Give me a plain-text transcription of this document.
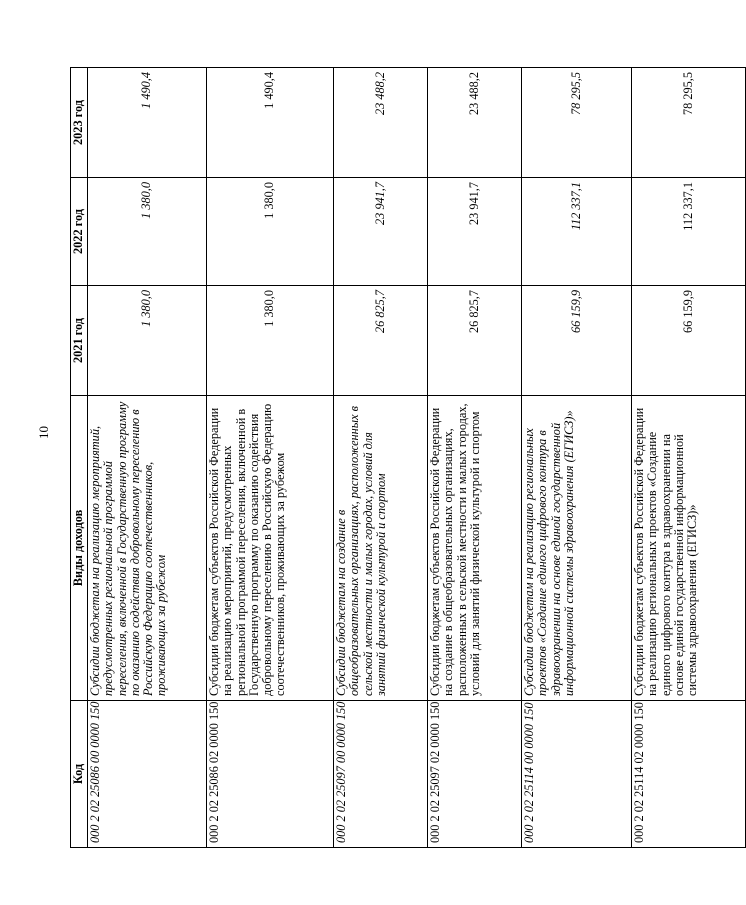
10
Код	Виды доходов	2021 год	2022 год	2023 год
000 2 02 25086 00 0000 150	Субсидии бюджетам на реализацию мероприятий, предусмотренных региональной программой переселения, включенной в Государственную программу по оказанию содействия добровольному переселению в Российскую Федерацию соотечественников, проживающих за рубежом	1 380,0	1 380,0	1 490,4
000 2 02 25086 02 0000 150	Субсидии бюджетам субъектов Российской Федерации на реализацию мероприятий, предусмотренных региональной программой переселения, включенной в Государственную программу по оказанию содействия добровольному переселению в Российскую Федерацию соотечественников, проживающих за рубежом	1 380,0	1 380,0	1 490,4
000 2 02 25097 00 0000 150	Субсидии бюджетам на создание в общеобразовательных организациях, расположенных в сельской местности и малых городах, условий для занятий физической культурой и спортом	26 825,7	23 941,7	23 488,2
000 2 02 25097 02 0000 150	Субсидии бюджетам субъектов Российской Федерации на создание в общеобразовательных организациях, расположенных в сельской местности и малых городах, условий для занятий физической культурой и спортом	26 825,7	23 941,7	23 488,2
000 2 02 25114 00 0000 150	Субсидии бюджетам на реализацию региональных проектов «Создание единого цифрового контура в здравоохранении на основе единой государственной информационной системы здравоохранения (ЕГИСЗ)»	66 159,9	112 337,1	78 295,5
000 2 02 25114 02 0000 150	Субсидии бюджетам субъектов Российской Федерации на реализацию региональных проектов «Создание единого цифрового контура в здравоохранении на основе единой государственной информационной системы здравоохранения (ЕГИСЗ)»	66 159,9	112 337,1	78 295,5
